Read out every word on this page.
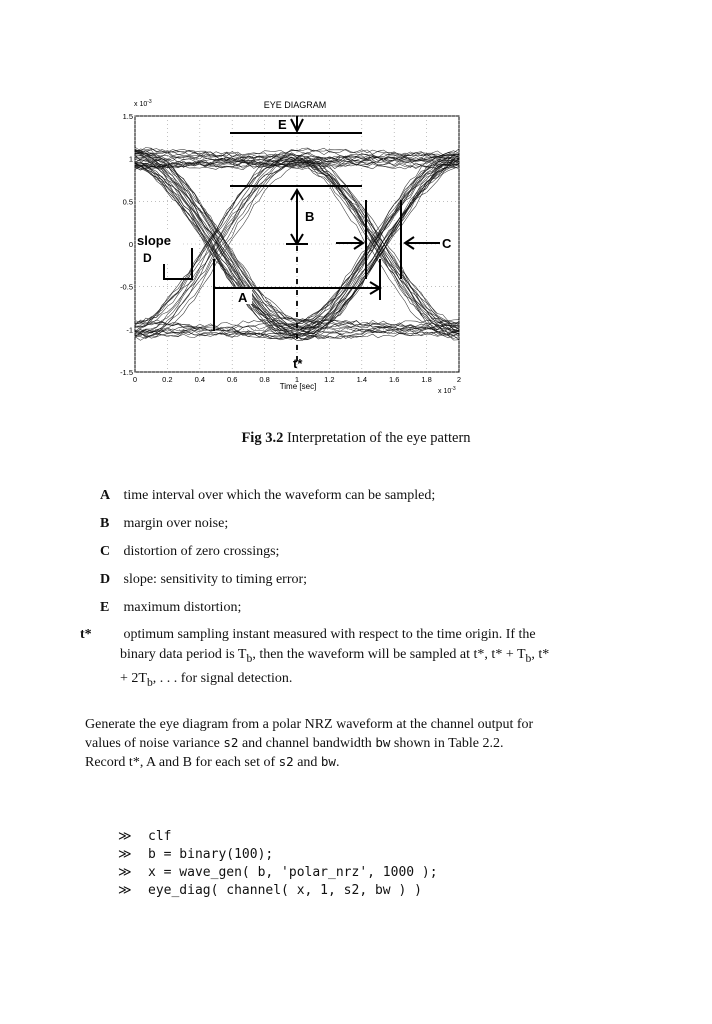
0	0.2	0.4	0.6	0.8	1	1.2	1.4	1.6	1.8	2
1.5
1
0.5
0
-0.5
-1
-1.5
EYE DIAGRAM
Time [sec]
x $10^{-3}$
x $10^{-3}$
slope
D
E
B
A
C
t*
Fig 3.2 Interpretation of the eye pattern
A time interval over which the waveform can be sampled;
B margin over noise;
C distortion of zero crossings;
D slope: sensitivity to timing error;
E maximum distortion;
t* optimum sampling instant measured with respect to the time origin. If the binary data period is $T_b$, then the waveform will be sampled at t*, $t* + T_b$, $t* + 2T_b$, . . . for signal detection.
Generate the eye diagram from a polar NRZ waveform at the channel output for values of noise variance s2 and channel bandwidth bw shown in Table 2.2. Record t*, A and B for each set of s2 and bw.
≫ clf
≫ b = binary(100);
≫ x = wave_gen( b, 'polar_nrz', 1000 );
≫ eye_diag( channel( x, 1, s2, bw ) )
